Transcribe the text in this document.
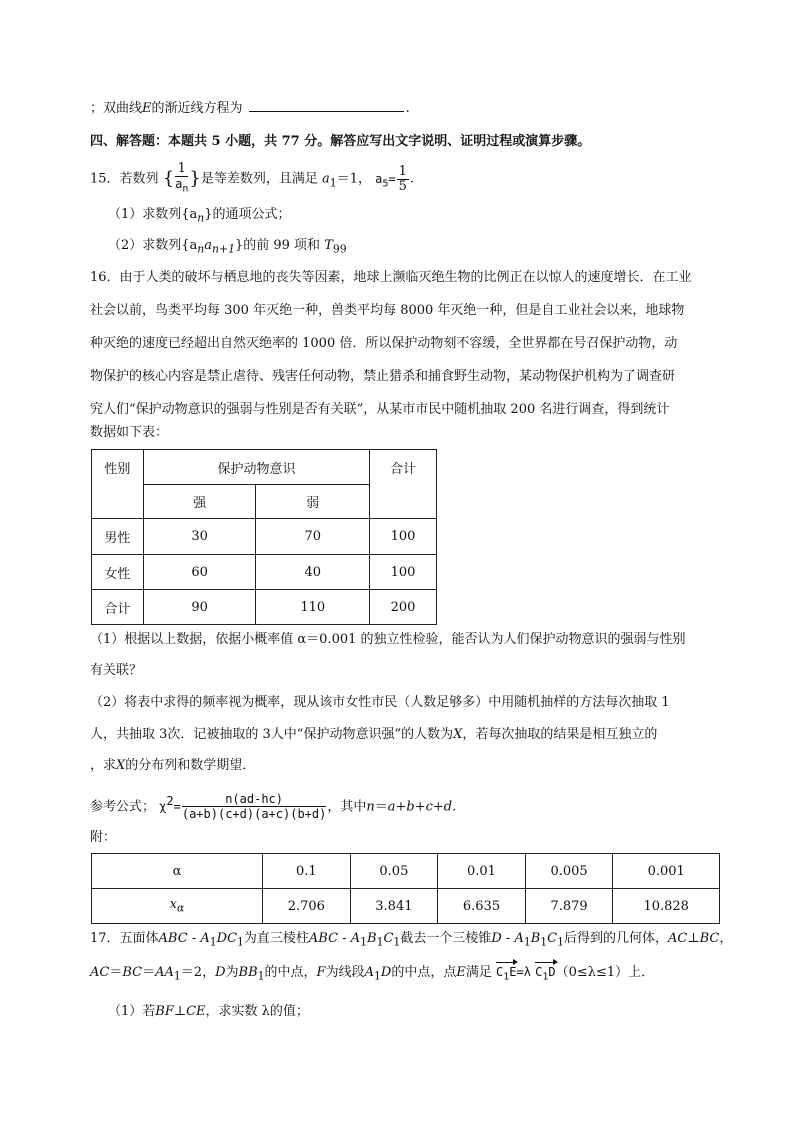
；双曲线E的渐近线方程为	.
四、解答题：本题共 5 小题，共 77 分。解答应写出文字说明、证明过程或演算步骤。
15．若数列 { $\frac{1}{a_n}$ }是等差数列，且满足 $a_1=1$， $a_5= \frac{1}{5}$ .
（1）求数列$\{a_n\}$的通项公式；
（2）求数列$\{a_na_{n+1}\}$的前 99 项和 $T_{99}$
16．由于人类的破坏与栖息地的丧失等因素，地球上濒临灭绝生物的比例正在以惊人的速度增长．在工业
社会以前，鸟类平均每 300 年灭绝一种，兽类平均每 8000 年灭绝一种，但是自工业社会以来，地球物
种灭绝的速度已经超出自然灭绝率的 1000 倍．所以保护动物刻不容缓，全世界都在号召保护动物，动
物保护的核心内容是禁止虐待、残害任何动物，禁止猎杀和捕食野生动物，某动物保护机构为了调查研
究人们“保护动物意识的强弱与性别是否有关联”，从某市市民中随机抽取 200 名进行调查，得到统计
数据如下表：
性别	保护动物意识		合计
	强	弱	
男性	30	70	100
女性	60	40	100
合计	90	110	200
（1）根据以上数据，依据小概率值 α＝0.001 的独立性检验，能否认为人们保护动物意识的强弱与性别
有关联？
（2）将表中求得的频率视为概率，现从该市女性市民（人数足够多）中用随机抽样的方法每次抽取 1
人，共抽取 3次．记被抽取的 3人中“保护动物意识强”的人数为X，若每次抽取的结果是相互独立的
，求X的分布列和数学期望．
参考公式； $\chi^2= \frac{n(ad-hc)}{(a+b)(c+d)(a+c)(b+d)}$ ，其中n＝a+b+c+d.
附：
α	0.1	0.05	0.01	0.005	0.001
$x_\alpha$	2.706	3.841	6.635	7.879	10.828
17．五面体ABC - $A_1DC_1$为直三棱柱ABC - $A_1B_1C_1$截去一个三棱锥D - $A_1B_1C_1$后得到的几何体，AC⊥BC，
$AC=BC=AA_1=2$，D为$BB_1$的中点，F为线段$A_1D$的中点，点E满足 $C_1E=\lambda$ $C_1D(0\le\lambda\le 1)$上．
（1）若BF⊥CE，求实数 λ的值；
